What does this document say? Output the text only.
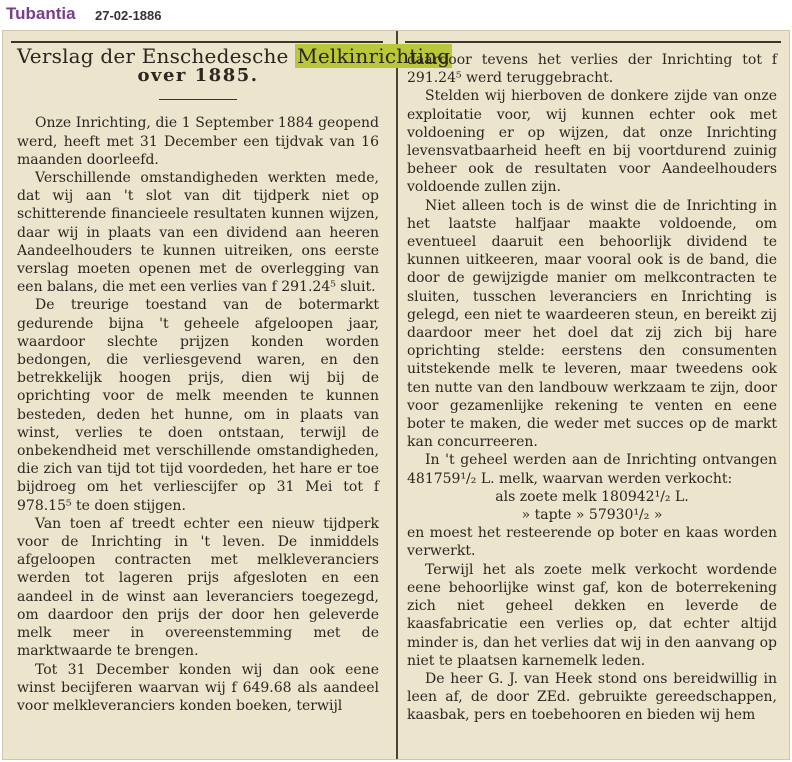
Tubantia 27-02-1886
Verslag der Enschedesche Melkinrichting
over 1885.

Onze Inrichting, die 1 September 1884 geopend werd, heeft met 31 December een tijdvak van 16 maanden doorleefd.

Verschillende omstandigheden werkten mede, dat wij aan 't slot van dit tijdperk niet op schitterende financieele resultaten kunnen wijzen, daar wij in plaats van een dividend aan heeren Aandeelhouders te kunnen uitreiken, ons eerste verslag moeten openen met de overlegging van een balans, die met een verlies van f 291.24⁵ sluit.

De treurige toestand van de botermarkt gedurende bijna 't geheele afgeloopen jaar, waardoor slechte prijzen konden worden bedongen, die verliesgevend waren, en den betrekkelijk hoogen prijs, dien wij bij de oprichting voor de melk meenden te kunnen besteden, deden het hunne, om in plaats van winst, verlies te doen ontstaan, terwijl de onbekendheid met verschillende omstandigheden, die zich van tijd tot tijd voordeden, het hare er toe bijdroeg om het verliescijfer op 31 Mei tot f 978.15⁵ te doen stijgen.

Van toen af treedt echter een nieuw tijdperk voor de Inrichting in 't leven. De inmiddels afgeloopen contracten met melkleveranciers werden tot lageren prijs afgesloten en een aandeel in de winst aan leveranciers toegezegd, om daardoor den prijs der door hen geleverde melk meer in overeenstemming met de marktwaarde te brengen.

Tot 31 December konden wij dan ook eene winst becijferen waarvan wij f 649.68 als aandeel voor melkleveranciers konden boeken, terwijl

daardoor tevens het verlies der Inrichting tot f 291.24⁵ werd teruggebracht.

Stelden wij hierboven de donkere zijde van onze exploitatie voor, wij kunnen echter ook met voldoening er op wijzen, dat onze Inrichting levensvatbaarheid heeft en bij voortdurend zuinig beheer ook de resultaten voor Aandeelhouders voldoende zullen zijn.

Niet alleen toch is de winst die de Inrichting in het laatste halfjaar maakte voldoende, om eventueel daaruit een behoorlijk dividend te kunnen uitkeeren, maar vooral ook is de band, die door de gewijzigde manier om melkcontracten te sluiten, tusschen leveranciers en Inrichting is gelegd, een niet te waardeeren steun, en bereikt zij daardoor meer het doel dat zij zich bij hare oprichting stelde: eerstens den consumenten uitstekende melk te leveren, maar tweedens ook ten nutte van den landbouw werkzaam te zijn, door voor gezamenlijke rekening te venten en eene boter te maken, die weder met succes op de markt kan concurreeren.

In 't geheel werden aan de Inrichting ontvangen 481759¹/₂ L. melk, waarvan werden verkocht:

als zoete melk 180942¹/₂ L.

» tapte » 57930¹/₂ »

en moest het resteerende op boter en kaas worden verwerkt.

Terwijl het als zoete melk verkocht wordende eene behoorlijke winst gaf, kon de boterrekening zich niet geheel dekken en leverde de kaasfabricatie een verlies op, dat echter altijd minder is, dan het verlies dat wij in den aanvang op niet te plaatsen karnemelk leden.

De heer G. J. van Heek stond ons bereidwillig in leen af, de door ZEd. gebruikte gereedschappen, kaasbak, pers en toebehooren en bieden wij hem
